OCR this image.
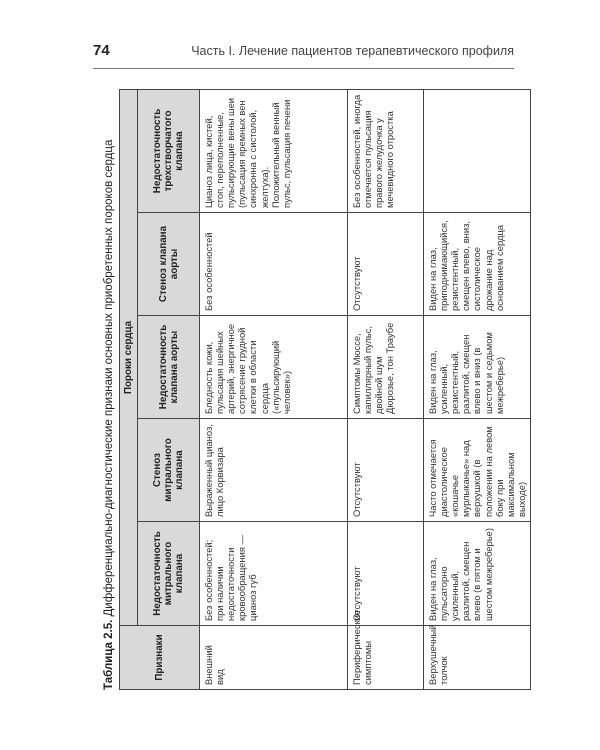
74	Часть I. Лечение пациентов терапевтического профиля
Таблица 2.5. Дифференциально-диагностические признаки основных приобретенных пороков сердца
Признаки	Пороки сердца				
	Недостаточность митрального клапана	Стеноз митрального клапана	Недостаточность клапана аорты	Стеноз клапана аорты	Недостаточность трехстворчатого клапана
Внешний вид	Без особенностей; при наличии недостаточности кровообращения — цианоз губ	Выраженный цианоз, лицо Корвизара	Бледность кожи, пульсация шейных артерий, энергичное сотрясение грудной клетки в области сердца («пульсирующий человек»)	Без особенностей	Цианоз лица, кистей, стоп, переполненные, пульсирующие вены шеи (пульсация яремных вен синхронна с систолой, желтуха). Положительный венный пульс, пульсация печени
Периферические симптомы	Отсутствуют	Отсутствуют	Симптомы Мюссе, капиллярный пульс, двойной шум Дюрозье, тон Траубе	Отсутствуют	Без особенностей, иногда отмечается пульсация правого желудочка у мечевидного отростка
Верхушечный толчок	Виден на глаз, пульсаторно усиленный, разлитой, смещен влево (в пятом и шестом межреберье)	Часто отмечается диастолическое «кошачье мурлыканье» над верхушкой (в положении на левом боку при максимальном выходе)	Виден на глаз, усиленный, резистентный, разлитой, смещен влево и вниз (в шестом и седьмом межреберье)	Виден на глаз, приподнимающийся, резистентный, смещен влево, вниз, систолическое дрожание над основанием сердца	
